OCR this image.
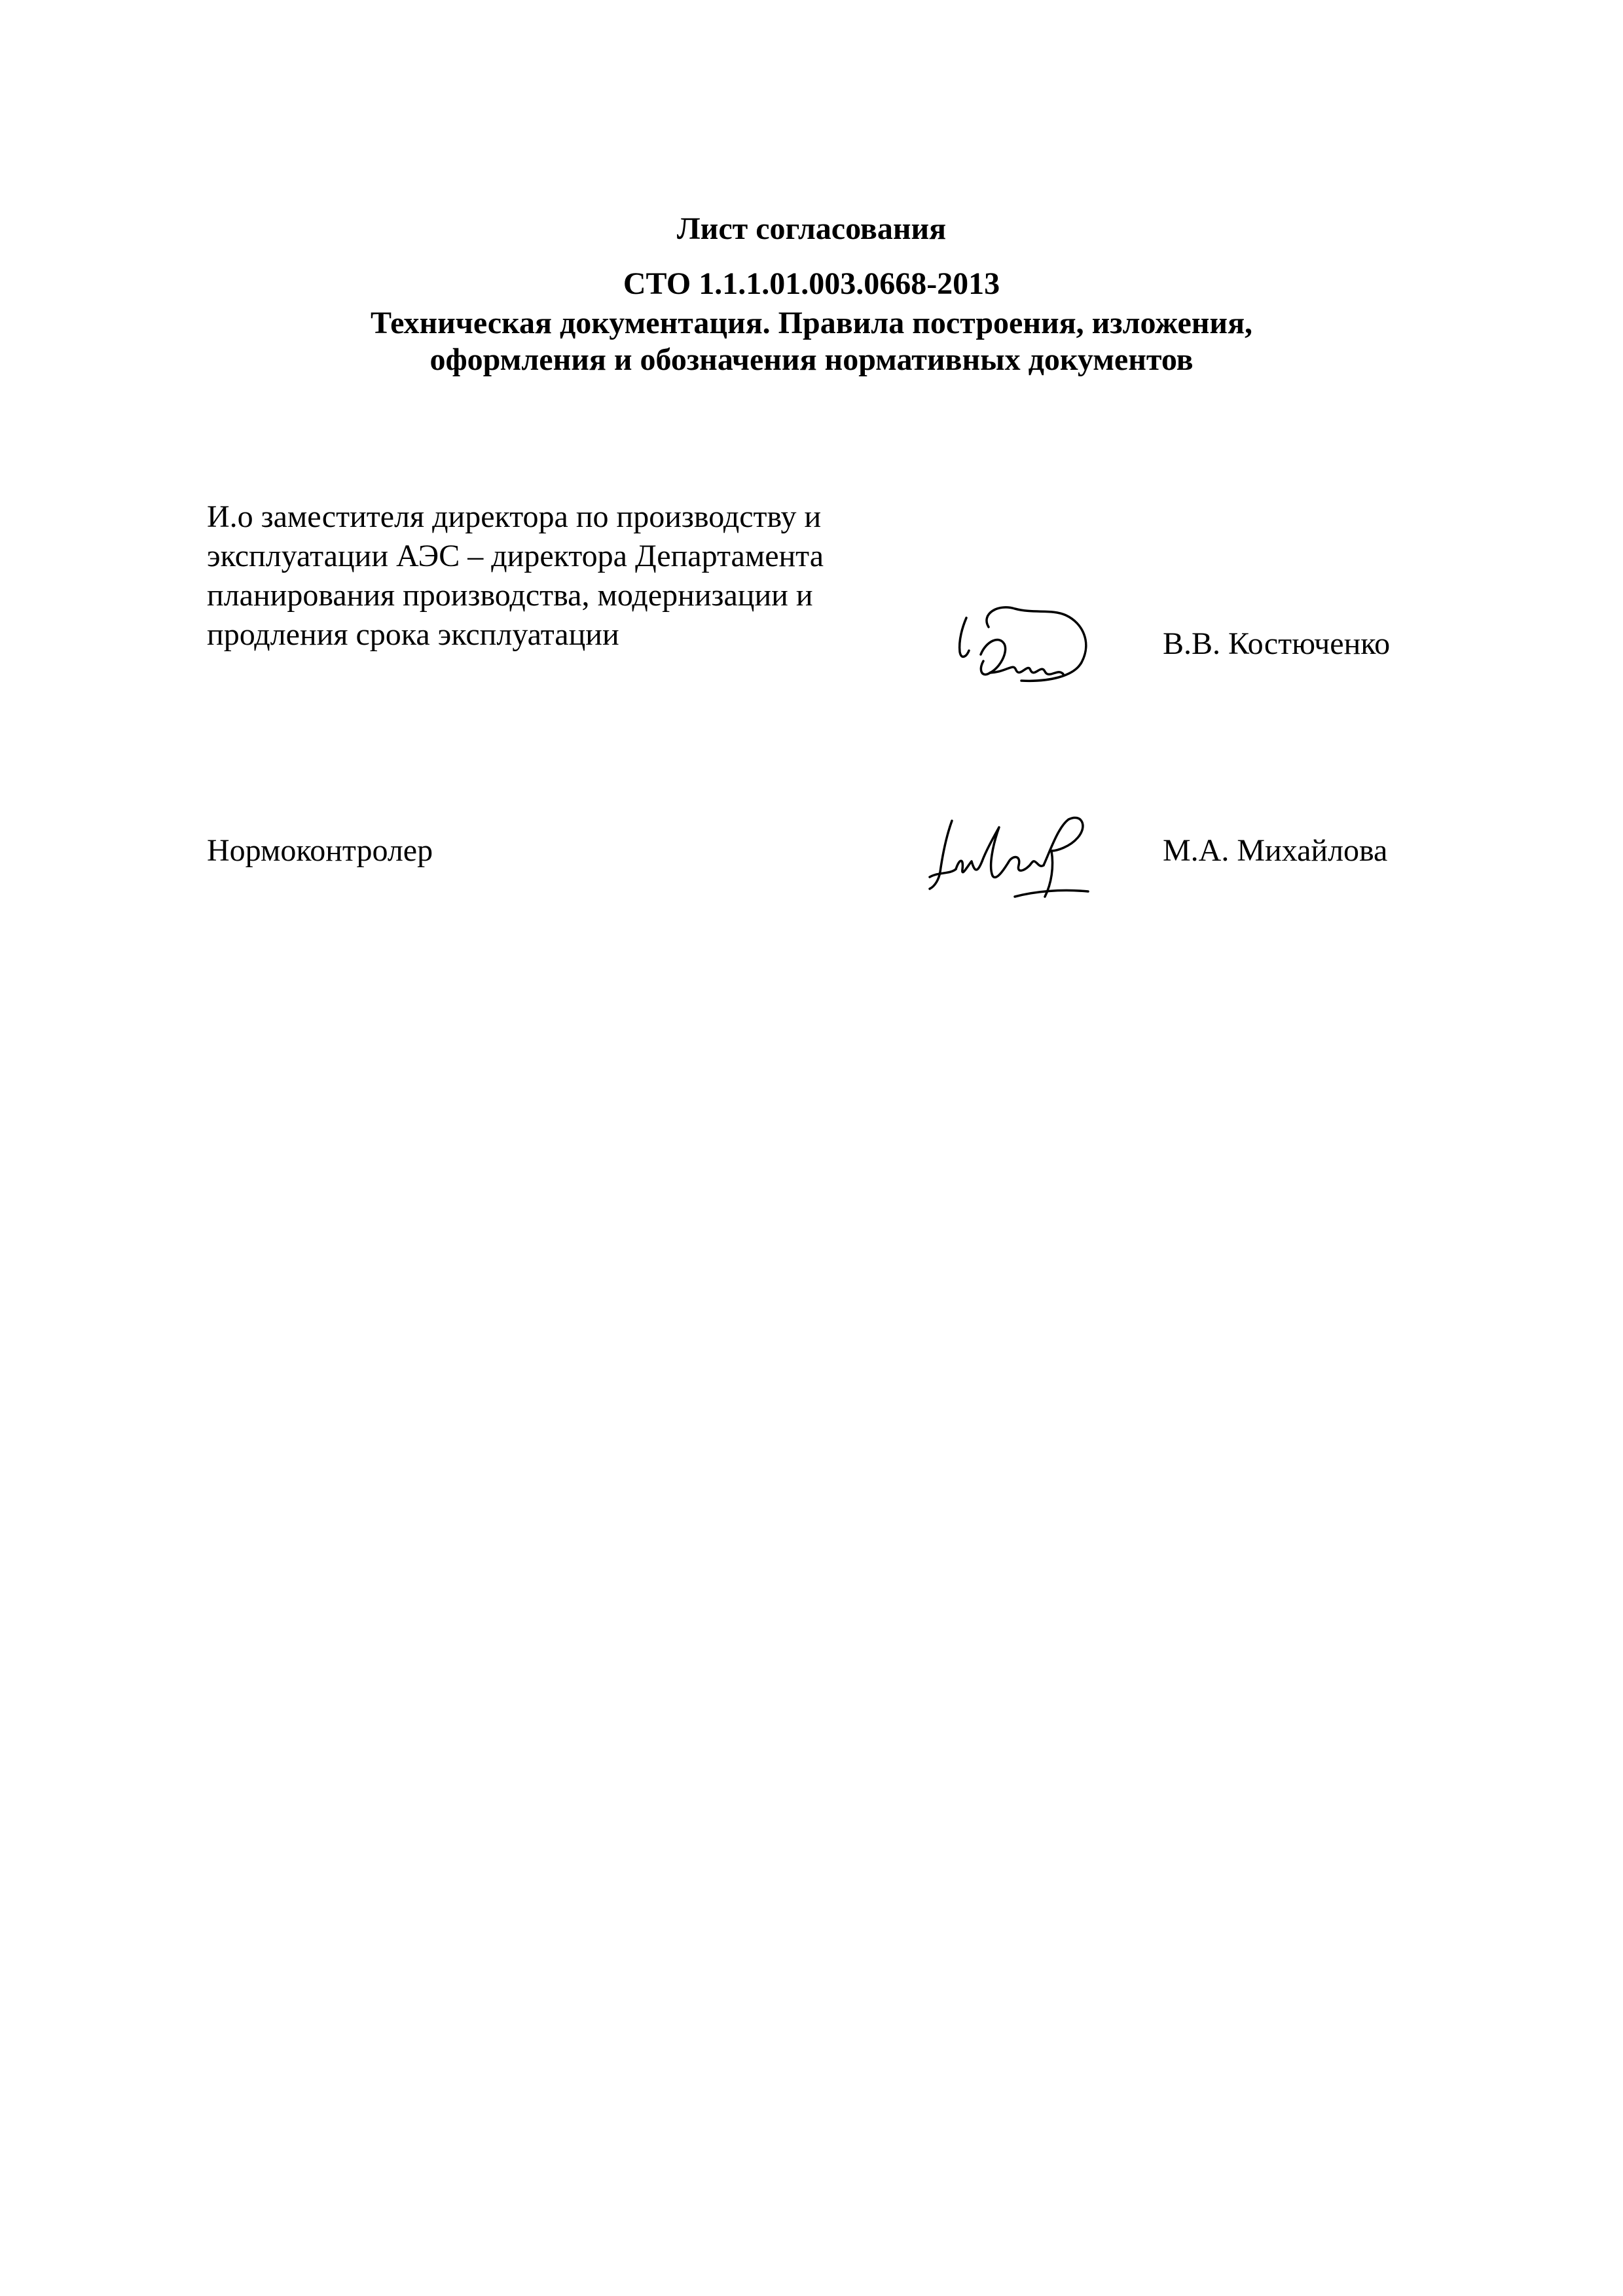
Лист согласования
СТО 1.1.1.01.003.0668-2013
Техническая документация. Правила построения, изложения,
оформления и обозначения нормативных документов
И.о заместителя директора по производству и
эксплуатации АЭС – директора Департамента
планирования производства, модернизации и
продления срока эксплуатации	В.В. Костюченко
Нормоконтролер	М.А. Михайлова
